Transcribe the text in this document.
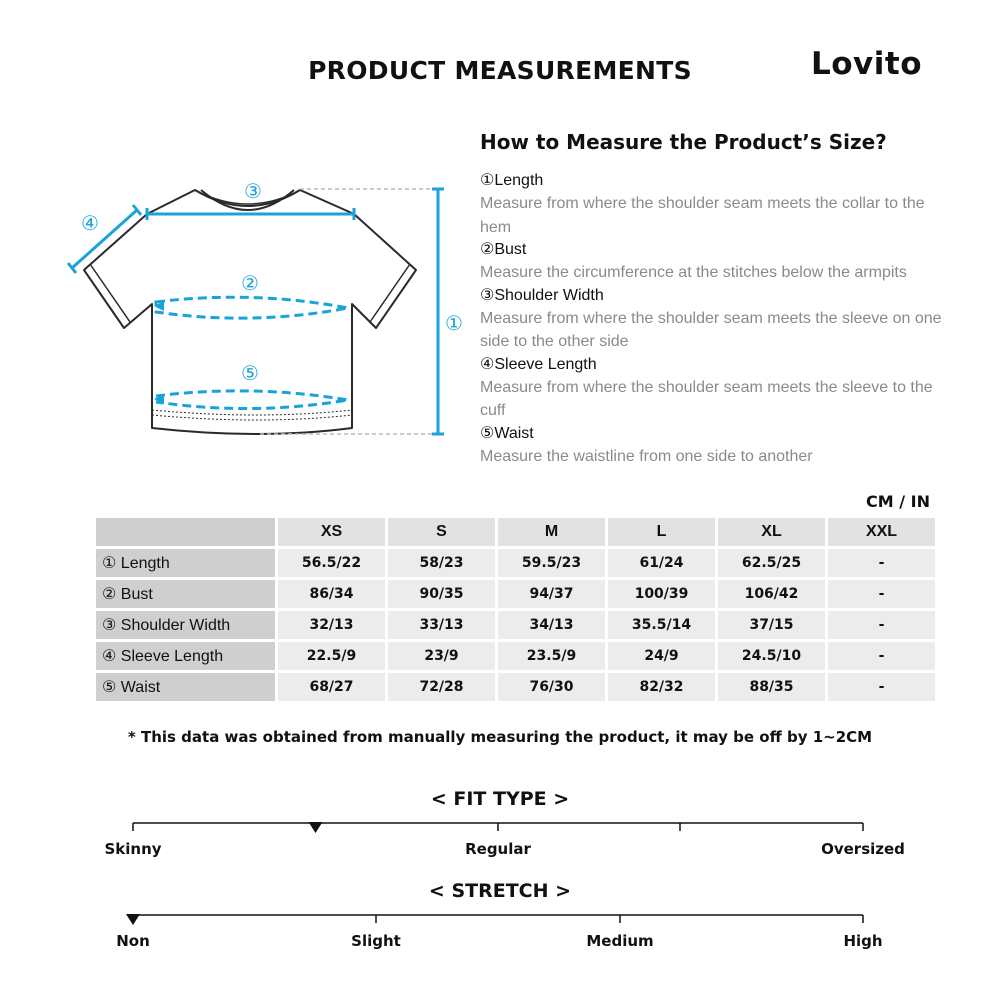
PRODUCT MEASUREMENTS	Lovito
③
④
②
⑤
①
How to Measure the Product’s Size?
①Length
Measure from where the shoulder seam meets the collar to the hem
②Bust
Measure the circumference at the stitches below the armpits
③Shoulder Width
Measure from where the shoulder seam meets the sleeve on one side to the other side
④Sleeve Length
Measure from where the shoulder seam meets the sleeve to the cuff
⑤Waist
Measure the waistline from one side to another
CM / IN
	XS	S	M	L	XL	XXL
① Length	56.5/22	58/23	59.5/23	61/24	62.5/25	-
② Bust	86/34	90/35	94/37	100/39	106/42	-
③ Shoulder Width	32/13	33/13	34/13	35.5/14	37/15	-
④ Sleeve Length	22.5/9	23/9	23.5/9	24/9	24.5/10	-
⑤ Waist	68/27	72/28	76/30	82/32	88/35	-
* This data was obtained from manually measuring the product, it may be off by 1~2CM
< FIT TYPE >
Skinny	Regular	Oversized
< STRETCH >
Non	Slight	Medium	High
